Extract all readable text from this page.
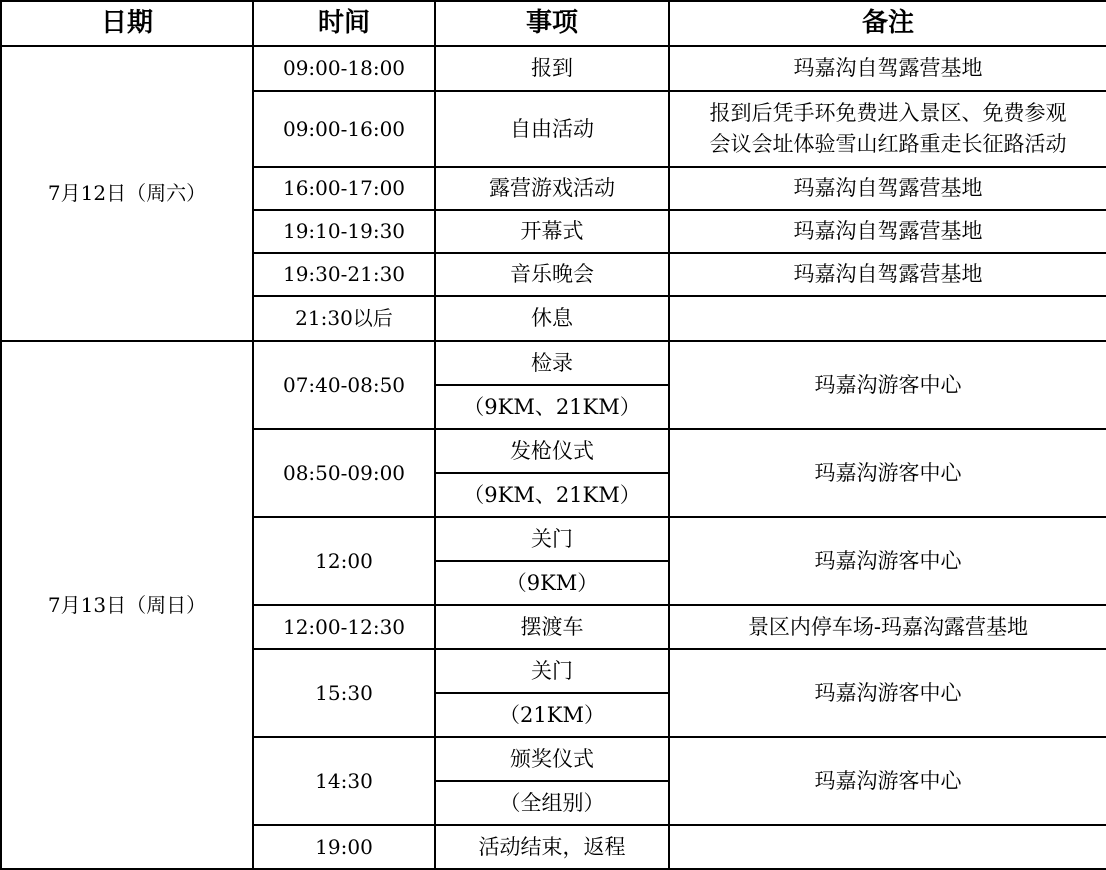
日期	时间	事项	备注
7月12日（周六）	09:00-18:00	报到	玛嘉沟自驾露营基地
	09:00-16:00	自由活动	报到后凭手环免费进入景区、免费参观
会议会址体验雪山红路重走长征路活动

	16:00-17:00	露营游戏活动	玛嘉沟自驾露营基地
	19:10-19:30	开幕式	玛嘉沟自驾露营基地
	19:30-21:30	音乐晚会	玛嘉沟自驾露营基地
	21:30以后	休息	
7月13日（周日）	07:40-08:50	检录	玛嘉沟游客中心
		（9KM、21KM）	
	08:50-09:00	发枪仪式	玛嘉沟游客中心
		（9KM、21KM）	
	12:00	关门	玛嘉沟游客中心
		（9KM）	
	12:00-12:30	摆渡车	景区内停车场-玛嘉沟露营基地
	15:30	关门	玛嘉沟游客中心
		（21KM）	
	14:30	颁奖仪式	玛嘉沟游客中心
		（全组别）	
	19:00	活动结束，返程	
